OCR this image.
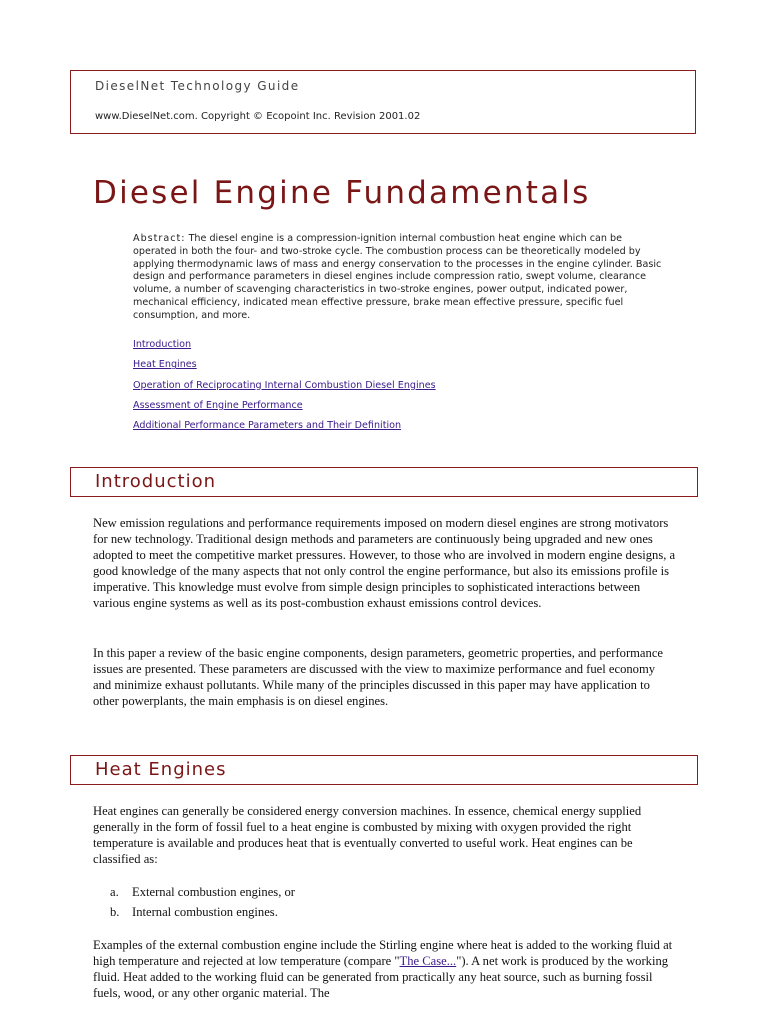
DieselNet Technology Guide
www.DieselNet.com. Copyright © Ecopoint Inc. Revision 2001.02
Diesel Engine Fundamentals
Abstract: The diesel engine is a compression-ignition internal combustion heat engine which can be operated in both the four- and two-stroke cycle. The combustion process can be theoretically modeled by applying thermodynamic laws of mass and energy conservation to the processes in the engine cylinder. Basic design and performance parameters in diesel engines include compression ratio, swept volume, clearance volume, a number of scavenging characteristics in two-stroke engines, power output, indicated power, mechanical efficiency, indicated mean effective pressure, brake mean effective pressure, specific fuel consumption, and more.
Introduction
Heat Engines
Operation of Reciprocating Internal Combustion Diesel Engines
Assessment of Engine Performance
Additional Performance Parameters and Their Definition
Introduction

New emission regulations and performance requirements imposed on modern diesel engines are strong motivators for new technology. Traditional design methods and parameters are continuously being upgraded and new ones adopted to meet the competitive market pressures. However, to those who are involved in modern engine designs, a good knowledge of the many aspects that not only control the engine performance, but also its emissions profile is imperative. This knowledge must evolve from simple design principles to sophisticated interactions between various engine systems as well as its post-combustion exhaust emissions control devices.

In this paper a review of the basic engine components, design parameters, geometric properties, and performance issues are presented. These parameters are discussed with the view to maximize performance and fuel economy and minimize exhaust pollutants. While many of the principles discussed in this paper may have application to other powerplants, the main emphasis is on diesel engines.

Heat Engines

Heat engines can generally be considered energy conversion machines. In essence, chemical energy supplied generally in the form of fossil fuel to a heat engine is combusted by mixing with oxygen provided the right temperature is available and produces heat that is eventually converted to useful work. Heat engines can be classified as:

a. External combustion engines, or
b. Internal combustion engines.

Examples of the external combustion engine include the Stirling engine where heat is added to the working fluid at high temperature and rejected at low temperature (compare "The Case..."). A net work is produced by the working fluid. Heat added to the working fluid can be generated from practically any heat source, such as burning fossil fuels, wood, or any other organic material. The
